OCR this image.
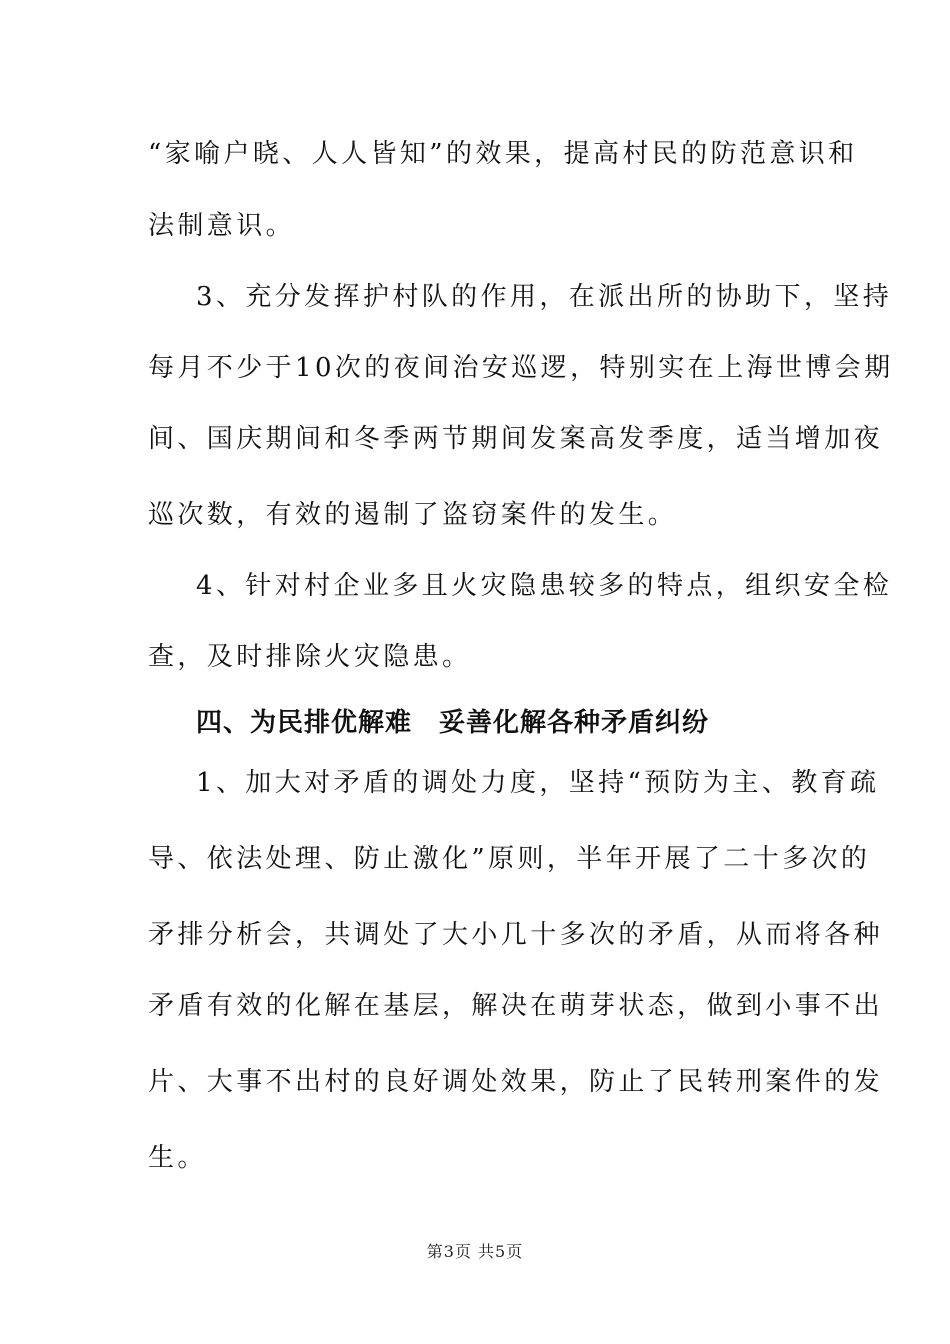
“家喻户晓、人人皆知”的效果，提高村民的防范意识和
法制意识。
3、充分发挥护村队的作用，在派出所的协助下，坚持
每月不少于10次的夜间治安巡逻，特别实在上海世博会期
间、国庆期间和冬季两节期间发案高发季度，适当增加夜
巡次数，有效的遏制了盗窃案件的发生。
4、针对村企业多且火灾隐患较多的特点，组织安全检
查，及时排除火灾隐患。
四、为民排优解难　妥善化解各种矛盾纠纷
1、加大对矛盾的调处力度，坚持“预防为主、教育疏
导、依法处理、防止激化”原则，半年开展了二十多次的
矛排分析会，共调处了大小几十多次的矛盾，从而将各种
矛盾有效的化解在基层，解决在萌芽状态，做到小事不出
片、大事不出村的良好调处效果，防止了民转刑案件的发
生。
第3页 共5页
